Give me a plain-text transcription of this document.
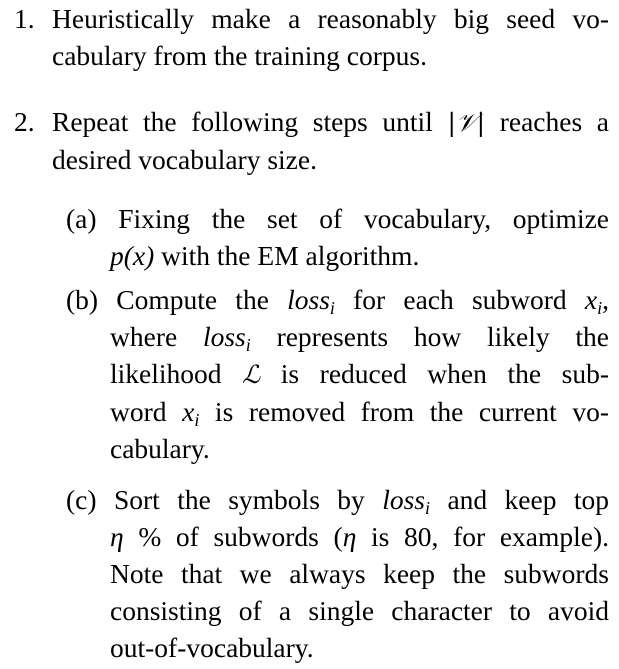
1. Heuristically make a reasonably big seed vo-
cabulary from the training corpus.
2. Repeat the following steps until |𝒱| reaches a
desired vocabulary size.
(a) Fixing the set of vocabulary, optimize
p(x) with the EM algorithm.
(b) Compute the loss$_i$ for each subword $x_i$,
where loss$_i$ represents how likely the
likelihood ℒ is reduced when the sub-
word $x_i$ is removed from the current vo-
cabulary.
(c) Sort the symbols by loss$_i$ and keep top
η % of subwords (η is 80, for example).
Note that we always keep the subwords
consisting of a single character to avoid
out-of-vocabulary.
